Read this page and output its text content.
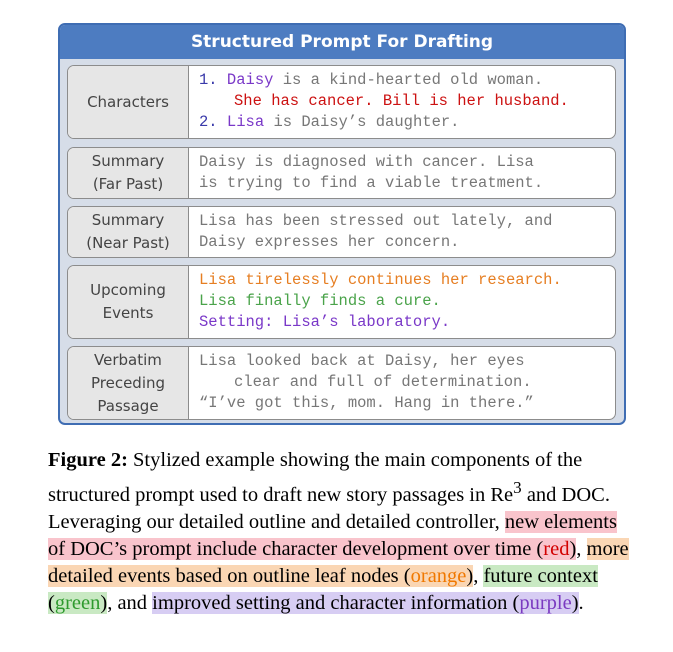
Structured Prompt For Drafting
Characters
1. Daisy is a kind-hearted old woman.
She has cancer. Bill is her husband.
2. Lisa is Daisy’s daughter.
Summary
(Far Past)
Daisy is diagnosed with cancer. Lisa
is trying to find a viable treatment.
Summary
(Near Past)
Lisa has been stressed out lately, and
Daisy expresses her concern.
Upcoming
Events
Lisa tirelessly continues her research.
Lisa finally finds a cure.
Setting: Lisa’s laboratory.
Verbatim
Preceding
Passage
Lisa looked back at Daisy, her eyes
clear and full of determination.
“I’ve got this, mom. Hang in there.”
Figure 2: Stylized example showing the main components of the structured prompt used to draft new story passages in Re$^3$ and DOC. Leveraging our detailed outline and detailed controller, new elements of DOC’s prompt include character development over time (red), more detailed events based on outline leaf nodes (orange), future context (green), and improved setting and character information (purple).
